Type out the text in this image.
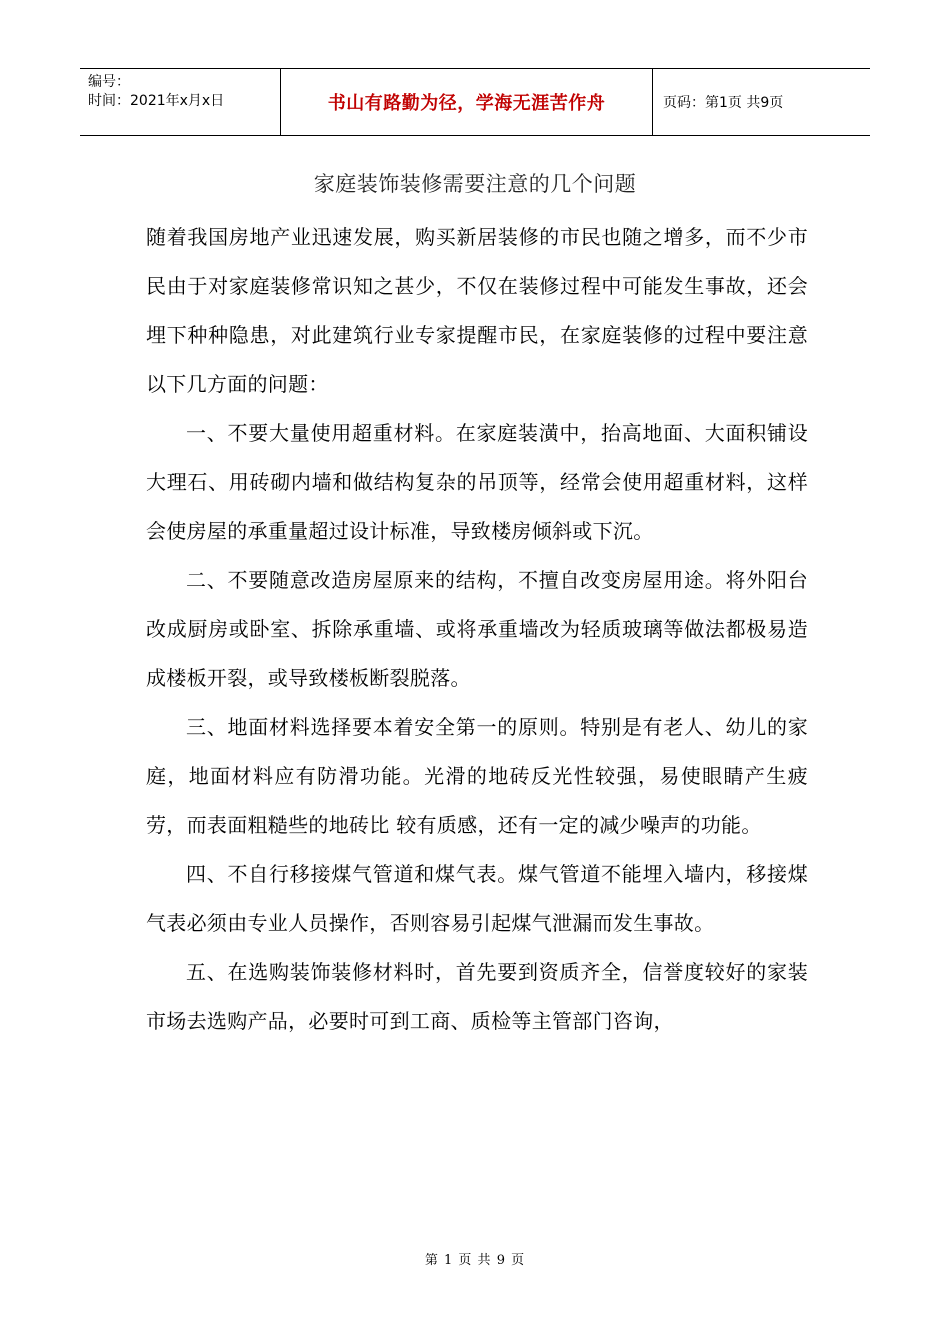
编号：
时间：2021年x月x日	书山有路勤为径，学海无涯苦作舟	页码：第1页 共9页
家庭装饰装修需要注意的几个问题

随着我国房地产业迅速发展，购买新居装修的市民也随之增多，而不少市民由于对家庭装修常识知之甚少，不仅在装修过程中可能发生事故，还会埋下种种隐患，对此建筑行业专家提醒市民，在家庭装修的过程中要注意以下几方面的问题：

一、不要大量使用超重材料。在家庭装潢中，抬高地面、大面积铺设大理石、用砖砌内墙和做结构复杂的吊顶等，经常会使用超重材料，这样会使房屋的承重量超过设计标准，导致楼房倾斜或下沉。

二、不要随意改造房屋原来的结构，不擅自改变房屋用途。将外阳台改成厨房或卧室、拆除承重墙、或将承重墙改为轻质玻璃等做法都极易造成楼板开裂，或导致楼板断裂脱落。

三、地面材料选择要本着安全第一的原则。特别是有老人、幼儿的家庭，地面材料应有防滑功能。光滑的地砖反光性较强，易使眼睛产生疲劳，而表面粗糙些的地砖比 较有质感，还有一定的减少噪声的功能。

四、不自行移接煤气管道和煤气表。煤气管道不能埋入墙内，移接煤气表必须由专业人员操作，否则容易引起煤气泄漏而发生事故。

五、在选购装饰装修材料时，首先要到资质齐全，信誉度较好的家装市场去选购产品，必要时可到工商、质检等主管部门咨询，

第 1 页 共 9 页
